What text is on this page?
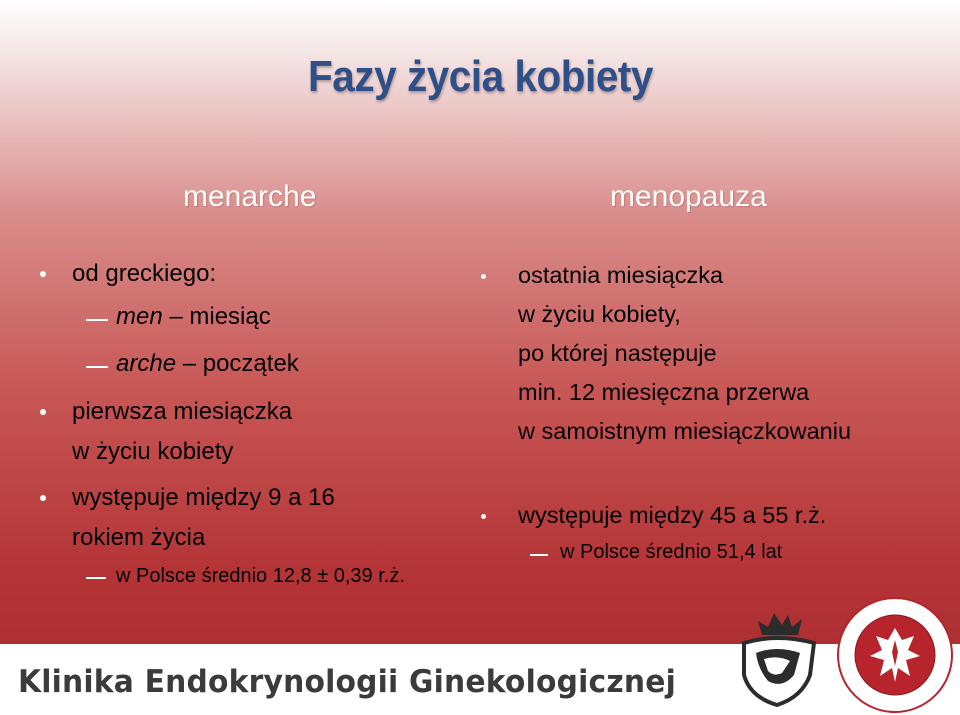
Fazy życia kobiety
menarche	menopauza
od greckiego:
men – miesiąc
arche – początek
pierwsza miesiączka
w życiu kobiety
występuje między 9 a 16
rokiem życia
w Polsce średnio 12,8 ± 0,39 r.ż.
ostatnia miesiączka
w życiu kobiety,
po której następuje
min. 12 miesięczna przerwa
w samoistnym miesiączkowaniu
występuje między 45 a 55 r.ż.
w Polsce średnio 51,4 lat
Klinika Endokrynologii Ginekologicznej
